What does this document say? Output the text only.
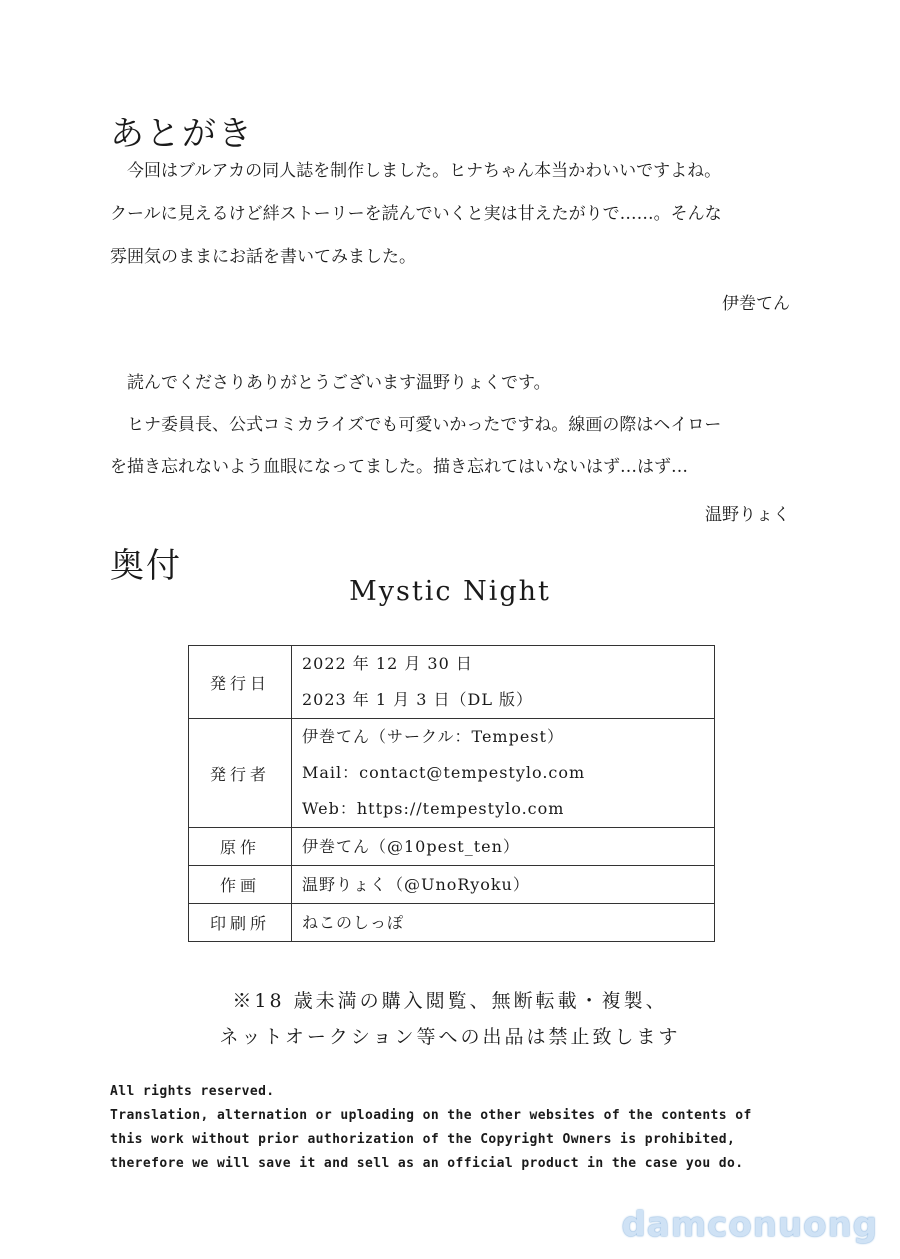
あとがき
　今回はブルアカの同人誌を制作しました。ヒナちゃん本当かわいいですよね。
クールに見えるけど絆ストーリーを読んでいくと実は甘えたがりで……。そんな
雰囲気のままにお話を書いてみました。
伊巻てん
　読んでくださりありがとうございます温野りょくです。
　ヒナ委員長、公式コミカライズでも可愛いかったですね。線画の際はヘイロー
を描き忘れないよう血眼になってました。描き忘れてはいないはず…はず…
温野りょく
奥付
Mystic Night
発行日	2022 年 12 月 30 日
2023 年 1 月 3 日（DL 版）

発行者	伊巻てん（サークル：Tempest）
Mail：contact@tempestylo.com
Web：https://tempestylo.com

原作	伊巻てん（@10pest_ten）

作画	温野りょく（@UnoRyoku）

印刷所	ねこのしっぽ
※18 歳未満の購入閲覧、無断転載・複製、
ネットオークション等への出品は禁止致します
All rights reserved.
Translation, alternation or uploading on the other websites of the contents of
this work without prior authorization of the Copyright Owners is prohibited,
therefore we will save it and sell as an official product in the case you do.
damconuong
